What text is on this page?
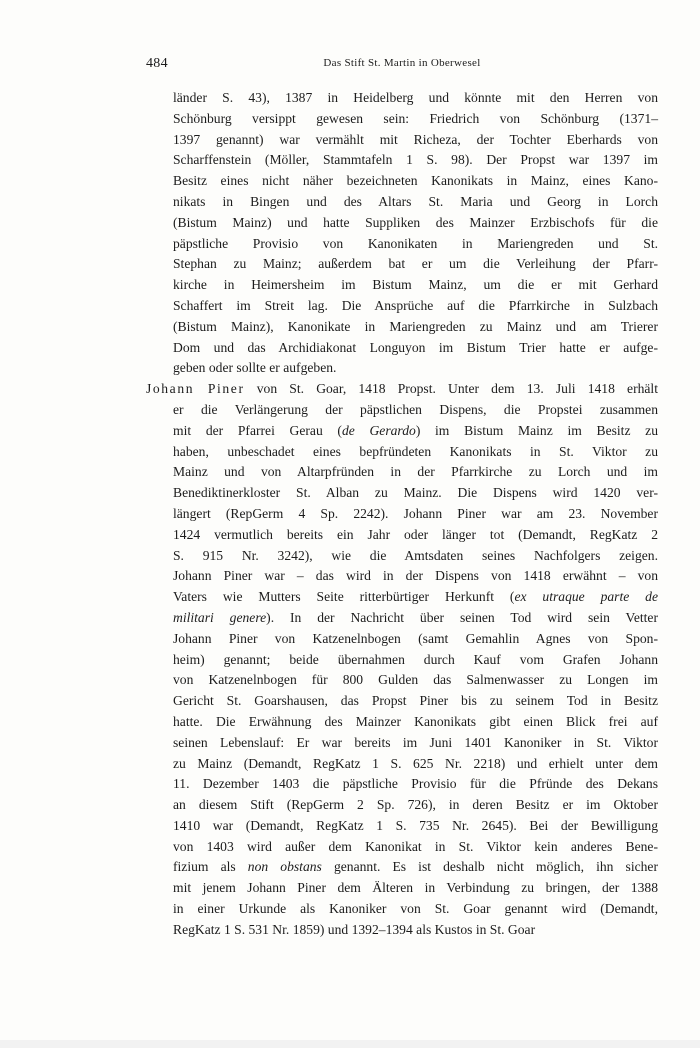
484	Das Stift St. Martin in Oberwesel
länder S. 43), 1387 in Heidelberg und könnte mit den Herren von
Schönburg versippt gewesen sein: Friedrich von Schönburg (1371–
1397 genannt) war vermählt mit Richeza, der Tochter Eberhards von
Scharffenstein (Möller, Stammtafeln 1 S. 98). Der Propst war 1397 im
Besitz eines nicht näher bezeichneten Kanonikats in Mainz, eines Kano-
nikats in Bingen und des Altars St. Maria und Georg in Lorch
(Bistum Mainz) und hatte Suppliken des Mainzer Erzbischofs für die
päpstliche Provisio von Kanonikaten in Mariengreden und St.
Stephan zu Mainz; außerdem bat er um die Verleihung der Pfarr-
kirche in Heimersheim im Bistum Mainz, um die er mit Gerhard
Schaffert im Streit lag. Die Ansprüche auf die Pfarrkirche in Sulzbach
(Bistum Mainz), Kanonikate in Mariengreden zu Mainz und am Trierer
Dom und das Archidiakonat Longuyon im Bistum Trier hatte er aufge-
geben oder sollte er aufgeben.
Johann Piner von St. Goar, 1418 Propst. Unter dem 13. Juli 1418 erhält
er die Verlängerung der päpstlichen Dispens, die Propstei zusammen
mit der Pfarrei Gerau (de Gerardo) im Bistum Mainz im Besitz zu
haben, unbeschadet eines bepfründeten Kanonikats in St. Viktor zu
Mainz und von Altarpfründen in der Pfarrkirche zu Lorch und im
Benediktinerkloster St. Alban zu Mainz. Die Dispens wird 1420 ver-
längert (RepGerm 4 Sp. 2242). Johann Piner war am 23. November
1424 vermutlich bereits ein Jahr oder länger tot (Demandt, RegKatz 2
S. 915 Nr. 3242), wie die Amtsdaten seines Nachfolgers zeigen.
Johann Piner war – das wird in der Dispens von 1418 erwähnt – von
Vaters wie Mutters Seite ritterbürtiger Herkunft (ex utraque parte de
militari genere). In der Nachricht über seinen Tod wird sein Vetter
Johann Piner von Katzenelnbogen (samt Gemahlin Agnes von Spon-
heim) genannt; beide übernahmen durch Kauf vom Grafen Johann
von Katzenelnbogen für 800 Gulden das Salmenwasser zu Longen im
Gericht St. Goarshausen, das Propst Piner bis zu seinem Tod in Besitz
hatte. Die Erwähnung des Mainzer Kanonikats gibt einen Blick frei auf
seinen Lebenslauf: Er war bereits im Juni 1401 Kanoniker in St. Viktor
zu Mainz (Demandt, RegKatz 1 S. 625 Nr. 2218) und erhielt unter dem
11. Dezember 1403 die päpstliche Provisio für die Pfründe des Dekans
an diesem Stift (RepGerm 2 Sp. 726), in deren Besitz er im Oktober
1410 war (Demandt, RegKatz 1 S. 735 Nr. 2645). Bei der Bewilligung
von 1403 wird außer dem Kanonikat in St. Viktor kein anderes Bene-
fizium als non obstans genannt. Es ist deshalb nicht möglich, ihn sicher
mit jenem Johann Piner dem Älteren in Verbindung zu bringen, der 1388
in einer Urkunde als Kanoniker von St. Goar genannt wird (Demandt,
RegKatz 1 S. 531 Nr. 1859) und 1392–1394 als Kustos in St. Goar
